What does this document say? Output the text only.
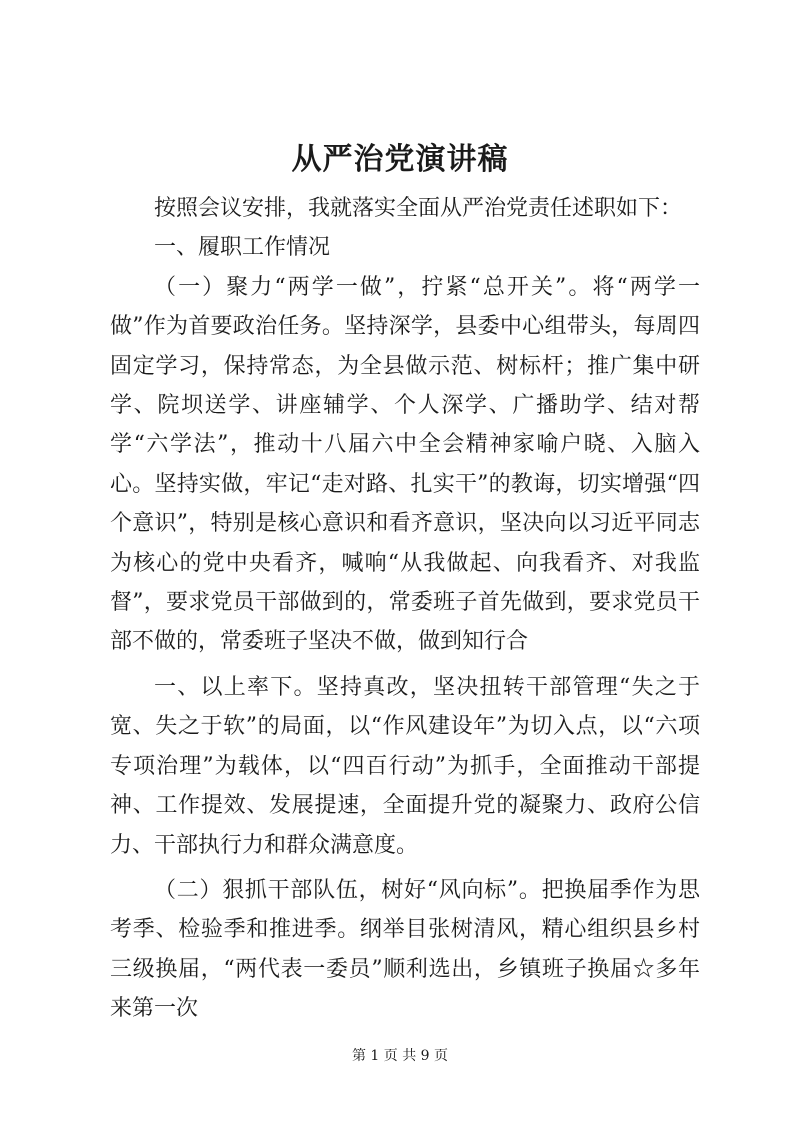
从严治党演讲稿

按照会议安排，我就落实全面从严治党责任述职如下：

一、履职工作情况

（一）聚力“两学一做”，拧紧“总开关”。将“两学一做”作为首要政治任务。坚持深学，县委中心组带头，每周四固定学习，保持常态，为全县做示范、树标杆；推广集中研学、院坝送学、讲座辅学、个人深学、广播助学、结对帮学“六学法”，推动十八届六中全会精神家喻户晓、入脑入心。坚持实做，牢记“走对路、扎实干”的教诲，切实增强“四个意识”，特别是核心意识和看齐意识，坚决向以习近平同志为核心的党中央看齐，喊响“从我做起、向我看齐、对我监督”，要求党员干部做到的，常委班子首先做到，要求党员干部不做的，常委班子坚决不做，做到知行合

一、以上率下。坚持真改，坚决扭转干部管理“失之于宽、失之于软”的局面，以“作风建设年”为切入点，以“六项专项治理”为载体，以“四百行动”为抓手，全面推动干部提神、工作提效、发展提速，全面提升党的凝聚力、政府公信力、干部执行力和群众满意度。

（二）狠抓干部队伍，树好“风向标”。把换届季作为思考季、检验季和推进季。纲举目张树清风，精心组织县乡村三级换届，“两代表一委员”顺利选出，乡镇班子换届☆多年来第一次

第 1 页 共 9 页
